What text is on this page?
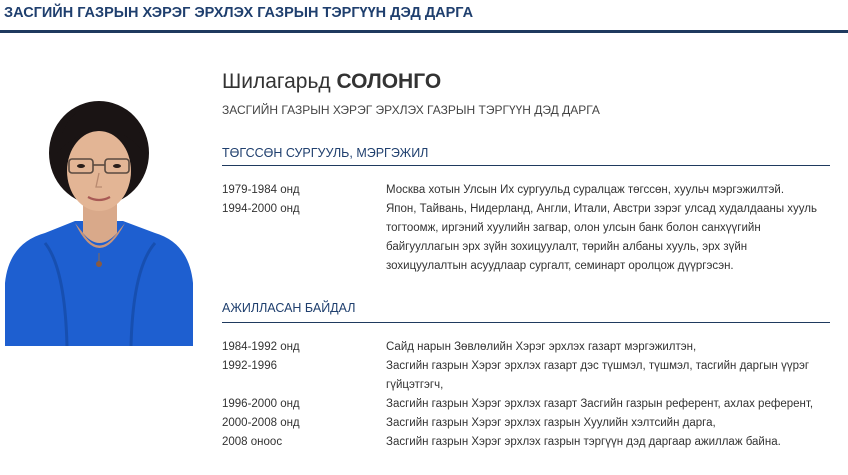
ЗАСГИЙН ГАЗРЫН ХЭРЭГ ЭРХЛЭХ ГАЗРЫН ТЭРГҮҮН ДЭД ДАРГА
Шилагарьд СОЛОНГО
ЗАСГИЙН ГАЗРЫН ХЭРЭГ ЭРХЛЭХ ГАЗРЫН ТЭРГҮҮН ДЭД ДАРГА
ТӨГССӨН СУРГУУЛЬ, МЭРГЭЖИЛ
1979-1984 онд	Москва хотын Улсын Их сургуульд суралцаж төгссөн, хуульч мэргэжилтэй.
1994-2000 онд	Япон, Тайвань, Нидерланд, Англи, Итали, Австри зэрэг улсад худалдааны хууль тогтоомж, иргэний хуулийн загвар, олон улсын банк болон санхүүгийн байгууллагын эрх зүйн зохицуулалт, төрийн албаны хууль, эрх зүйн зохицуулалтын асуудлаар сургалт, семинарт оролцож дүүргэсэн.
АЖИЛЛАСАН БАЙДАЛ
1984-1992 онд	Сайд нарын Зөвлөлийн Хэрэг эрхлэх газарт мэргэжилтэн,
1992-1996	Засгийн газрын Хэрэг эрхлэх газарт дэс түшмэл, түшмэл, тасгийн даргын үүрэг гүйцэтгэгч,
1996-2000 онд	Засгийн газрын Хэрэг эрхлэх газарт Засгийн газрын референт, ахлах референт,
2000-2008 онд	Засгийн газрын Хэрэг эрхлэх газрын Хуулийн хэлтсийн дарга,
2008 оноос	Засгийн газрын Хэрэг эрхлэх газрын тэргүүн дэд даргаар ажиллаж байна.
